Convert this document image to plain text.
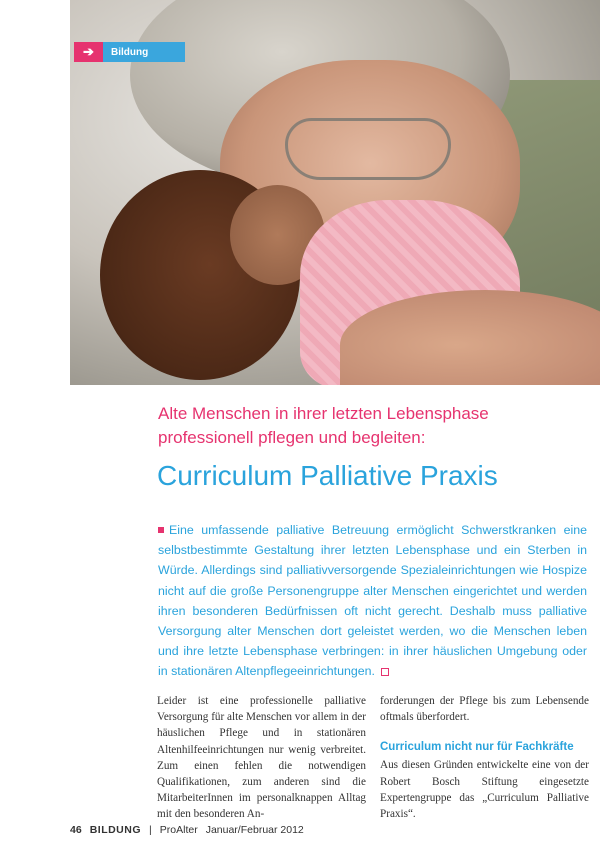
➔	Bildung
Alte Menschen in ihrer letzten Lebensphase
professionell pflegen und begleiten:
Curriculum Palliative Praxis
Eine umfassende palliative Betreuung ermöglicht Schwerstkranken eine selbstbestimmte Gestaltung ihrer letzten Lebensphase und ein Sterben in Würde. Allerdings sind palliativversorgende Spezialeinrichtungen wie Hospize nicht auf die große Personengruppe alter Menschen eingerichtet und werden ihren besonderen Bedürfnissen oft nicht gerecht. Deshalb muss palliative Versorgung alter Menschen dort geleistet werden, wo die Menschen leben und ihre letzte Lebensphase verbringen: in ihrer häuslichen Umgebung oder in stationären Altenpflegeeinrichtungen.

Leider ist eine professionelle palliative Versorgung für alte Menschen vor allem in der häuslichen Pflege und in stationären Altenhilfeeinrichtungen nur wenig verbreitet. Zum einen fehlen die notwendigen Qualifikationen, zum anderen sind die MitarbeiterInnen im personalknappen Alltag mit den besonderen An-

forderungen der Pflege bis zum Lebensende oftmals überfordert.

Curriculum nicht nur für Fachkräfte

Aus diesen Gründen entwickelte eine von der Robert Bosch Stiftung eingesetzte Expertengruppe das „Curriculum Palliative Praxis“.

46 BILDUNG | ProAlter Januar/Februar 2012
